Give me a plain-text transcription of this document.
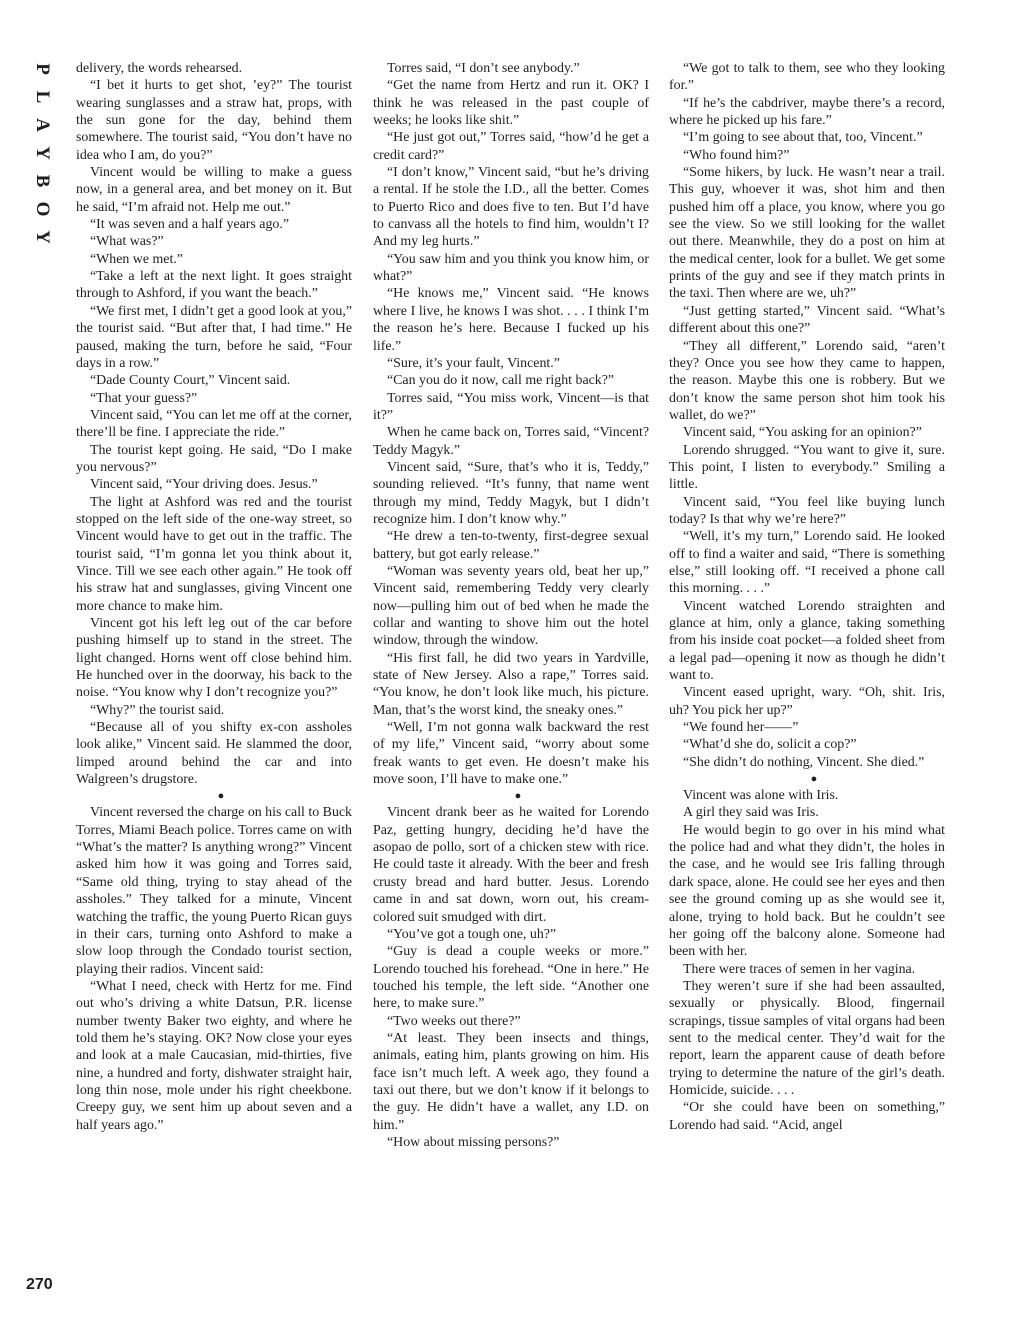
P
L
A
Y
B
O
Y

delivery, the words rehearsed.

“I bet it hurts to get shot, ’ey?” The tourist wearing sunglasses and a straw hat, props, with the sun gone for the day, behind them somewhere. The tourist said, “You don’t have no idea who I am, do you?”

Vincent would be willing to make a guess now, in a general area, and bet money on it. But he said, “I’m afraid not. Help me out.”

“It was seven and a half years ago.”

“What was?”

“When we met.”

“Take a left at the next light. It goes straight through to Ashford, if you want the beach.”

“We first met, I didn’t get a good look at you,” the tourist said. “But after that, I had time.” He paused, making the turn, before he said, “Four days in a row.”

“Dade County Court,” Vincent said.

“That your guess?”

Vincent said, “You can let me off at the corner, there’ll be fine. I appreciate the ride.”

The tourist kept going. He said, “Do I make you nervous?”

Vincent said, “Your driving does. Jesus.”

The light at Ashford was red and the tourist stopped on the left side of the one-way street, so Vincent would have to get out in the traffic. The tourist said, “I’m gonna let you think about it, Vince. Till we see each other again.” He took off his straw hat and sunglasses, giving Vincent one more chance to make him.

Vincent got his left leg out of the car before pushing himself up to stand in the street. The light changed. Horns went off close behind him. He hunched over in the doorway, his back to the noise. “You know why I don’t recognize you?”

“Why?” the tourist said.

“Because all of you shifty ex-con assholes look alike,” Vincent said. He slammed the door, limped around behind the car and into Walgreen’s drugstore.

●

Vincent reversed the charge on his call to Buck Torres, Miami Beach police. Torres came on with “What’s the matter? Is anything wrong?” Vincent asked him how it was going and Torres said, “Same old thing, trying to stay ahead of the assholes.” They talked for a minute, Vincent watching the traffic, the young Puerto Rican guys in their cars, turning onto Ashford to make a slow loop through the Condado tourist section, playing their radios. Vincent said:

“What I need, check with Hertz for me. Find out who’s driving a white Datsun, P.R. license number twenty Baker two eighty, and where he told them he’s staying. OK? Now close your eyes and look at a male Caucasian, mid-thirties, five nine, a hundred and forty, dishwater straight hair, long thin nose, mole under his right cheekbone. Creepy guy, we sent him up about seven and a half years ago.”

Torres said, “I don’t see anybody.”

“Get the name from Hertz and run it. OK? I think he was released in the past couple of weeks; he looks like shit.”

“He just got out,” Torres said, “how’d he get a credit card?”

“I don’t know,” Vincent said, “but he’s driving a rental. If he stole the I.D., all the better. Comes to Puerto Rico and does five to ten. But I’d have to canvass all the hotels to find him, wouldn’t I? And my leg hurts.”

“You saw him and you think you know him, or what?”

“He knows me,” Vincent said. “He knows where I live, he knows I was shot. . . . I think I’m the reason he’s here. Because I fucked up his life.”

“Sure, it’s your fault, Vincent.”

“Can you do it now, call me right back?”

Torres said, “You miss work, Vincent—is that it?”

When he came back on, Torres said, “Vincent? Teddy Magyk.”

Vincent said, “Sure, that’s who it is, Teddy,” sounding relieved. “It’s funny, that name went through my mind, Teddy Magyk, but I didn’t recognize him. I don’t know why.”

“He drew a ten-to-twenty, first-degree sexual battery, but got early release.”

“Woman was seventy years old, beat her up,” Vincent said, remembering Teddy very clearly now—pulling him out of bed when he made the collar and wanting to shove him out the hotel window, through the window.

“His first fall, he did two years in Yardville, state of New Jersey. Also a rape,” Torres said. “You know, he don’t look like much, his picture. Man, that’s the worst kind, the sneaky ones.”

“Well, I’m not gonna walk backward the rest of my life,” Vincent said, “worry about some freak wants to get even. He doesn’t make his move soon, I’ll have to make one.”

●

Vincent drank beer as he waited for Lorendo Paz, getting hungry, deciding he’d have the asopao de pollo, sort of a chicken stew with rice. He could taste it already. With the beer and fresh crusty bread and hard butter. Jesus. Lorendo came in and sat down, worn out, his cream-colored suit smudged with dirt.

“You’ve got a tough one, uh?”

“Guy is dead a couple weeks or more.” Lorendo touched his forehead. “One in here.” He touched his temple, the left side. “Another one here, to make sure.”

“Two weeks out there?”

“At least. They been insects and things, animals, eating him, plants growing on him. His face isn’t much left. A week ago, they found a taxi out there, but we don’t know if it belongs to the guy. He didn’t have a wallet, any I.D. on him.”

“How about missing persons?”

“We got to talk to them, see who they looking for.”

“If he’s the cabdriver, maybe there’s a record, where he picked up his fare.”

“I’m going to see about that, too, Vincent.”

“Who found him?”

“Some hikers, by luck. He wasn’t near a trail. This guy, whoever it was, shot him and then pushed him off a place, you know, where you go see the view. So we still looking for the wallet out there. Meanwhile, they do a post on him at the medical center, look for a bullet. We get some prints of the guy and see if they match prints in the taxi. Then where are we, uh?”

“Just getting started,” Vincent said. “What’s different about this one?”

“They all different,” Lorendo said, “aren’t they? Once you see how they came to happen, the reason. Maybe this one is robbery. But we don’t know the same person shot him took his wallet, do we?”

Vincent said, “You asking for an opinion?”

Lorendo shrugged. “You want to give it, sure. This point, I listen to everybody.” Smiling a little.

Vincent said, “You feel like buying lunch today? Is that why we’re here?”

“Well, it’s my turn,” Lorendo said. He looked off to find a waiter and said, “There is something else,” still looking off. “I received a phone call this morning. . . .”

Vincent watched Lorendo straighten and glance at him, only a glance, taking something from his inside coat pocket—a folded sheet from a legal pad—opening it now as though he didn’t want to.

Vincent eased upright, wary. “Oh, shit. Iris, uh? You pick her up?”

“We found her——”

“What’d she do, solicit a cop?”

“She didn’t do nothing, Vincent. She died.”

●

Vincent was alone with Iris.

A girl they said was Iris.

He would begin to go over in his mind what the police had and what they didn’t, the holes in the case, and he would see Iris falling through dark space, alone. He could see her eyes and then see the ground coming up as she would see it, alone, trying to hold back. But he couldn’t see her going off the balcony alone. Someone had been with her.

There were traces of semen in her vagina.

They weren’t sure if she had been assaulted, sexually or physically. Blood, fingernail scrapings, tissue samples of vital organs had been sent to the medical center. They’d wait for the report, learn the apparent cause of death before trying to determine the nature of the girl’s death. Homicide, suicide. . . .

“Or she could have been on something,” Lorendo had said. “Acid, angel

270
